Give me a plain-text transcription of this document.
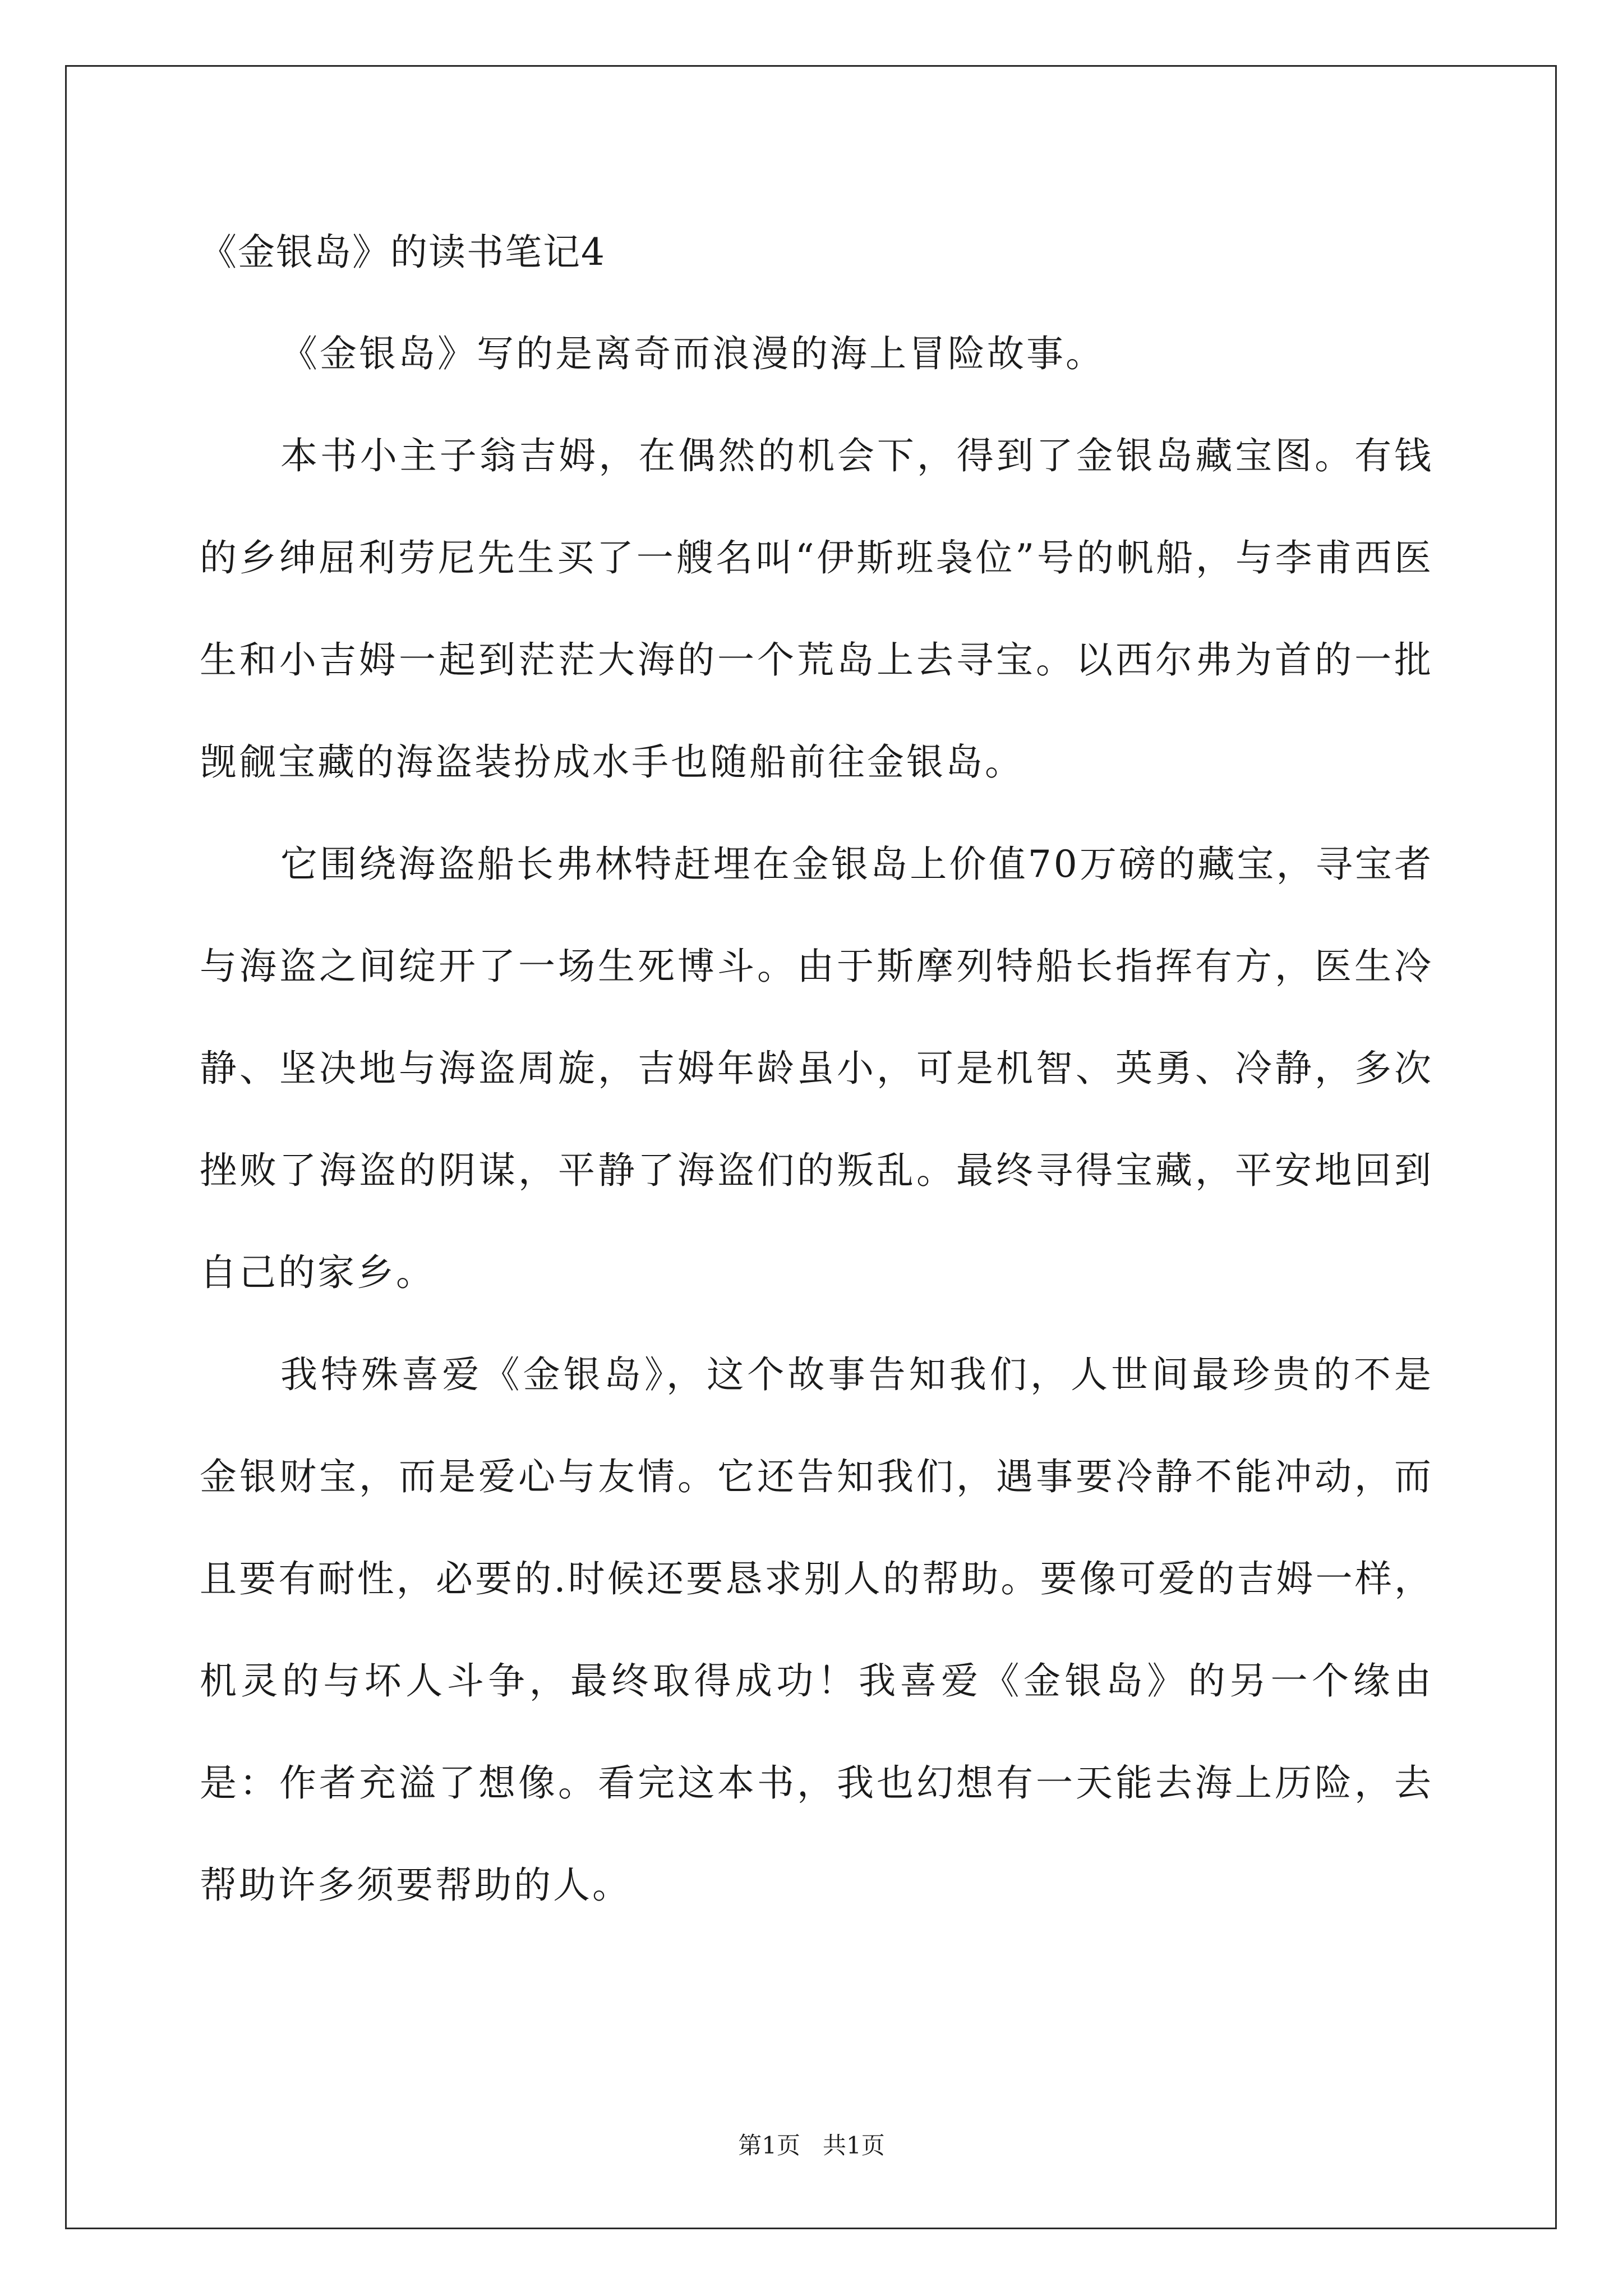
《金银岛》的读书笔记4

《金银岛》写的是离奇而浪漫的海上冒险故事。

本书小主子翁吉姆，在偶然的机会下，得到了金银岛藏宝图。有钱的乡绅屈利劳尼先生买了一艘名叫“伊斯班袅位”号的帆船，与李甫西医生和小吉姆一起到茫茫大海的一个荒岛上去寻宝。以西尔弗为首的一批觊觎宝藏的海盗装扮成水手也随船前往金银岛。

它围绕海盗船长弗林特赶埋在金银岛上价值70万磅的藏宝，寻宝者与海盗之间绽开了一场生死博斗。由于斯摩列特船长指挥有方，医生冷静、坚决地与海盗周旋，吉姆年龄虽小，可是机智、英勇、冷静，多次挫败了海盗的阴谋，平静了海盗们的叛乱。最终寻得宝藏，平安地回到自己的家乡。

我特殊喜爱《金银岛》，这个故事告知我们，人世间最珍贵的不是金银财宝，而是爱心与友情。它还告知我们，遇事要冷静不能冲动，而且要有耐性，必要的.时候还要恳求别人的帮助。要像可爱的吉姆一样，机灵的与坏人斗争，最终取得成功！我喜爱《金银岛》的另一个缘由是：作者充溢了想像。看完这本书，我也幻想有一天能去海上历险，去帮助许多须要帮助的人。

第1页   共1页
